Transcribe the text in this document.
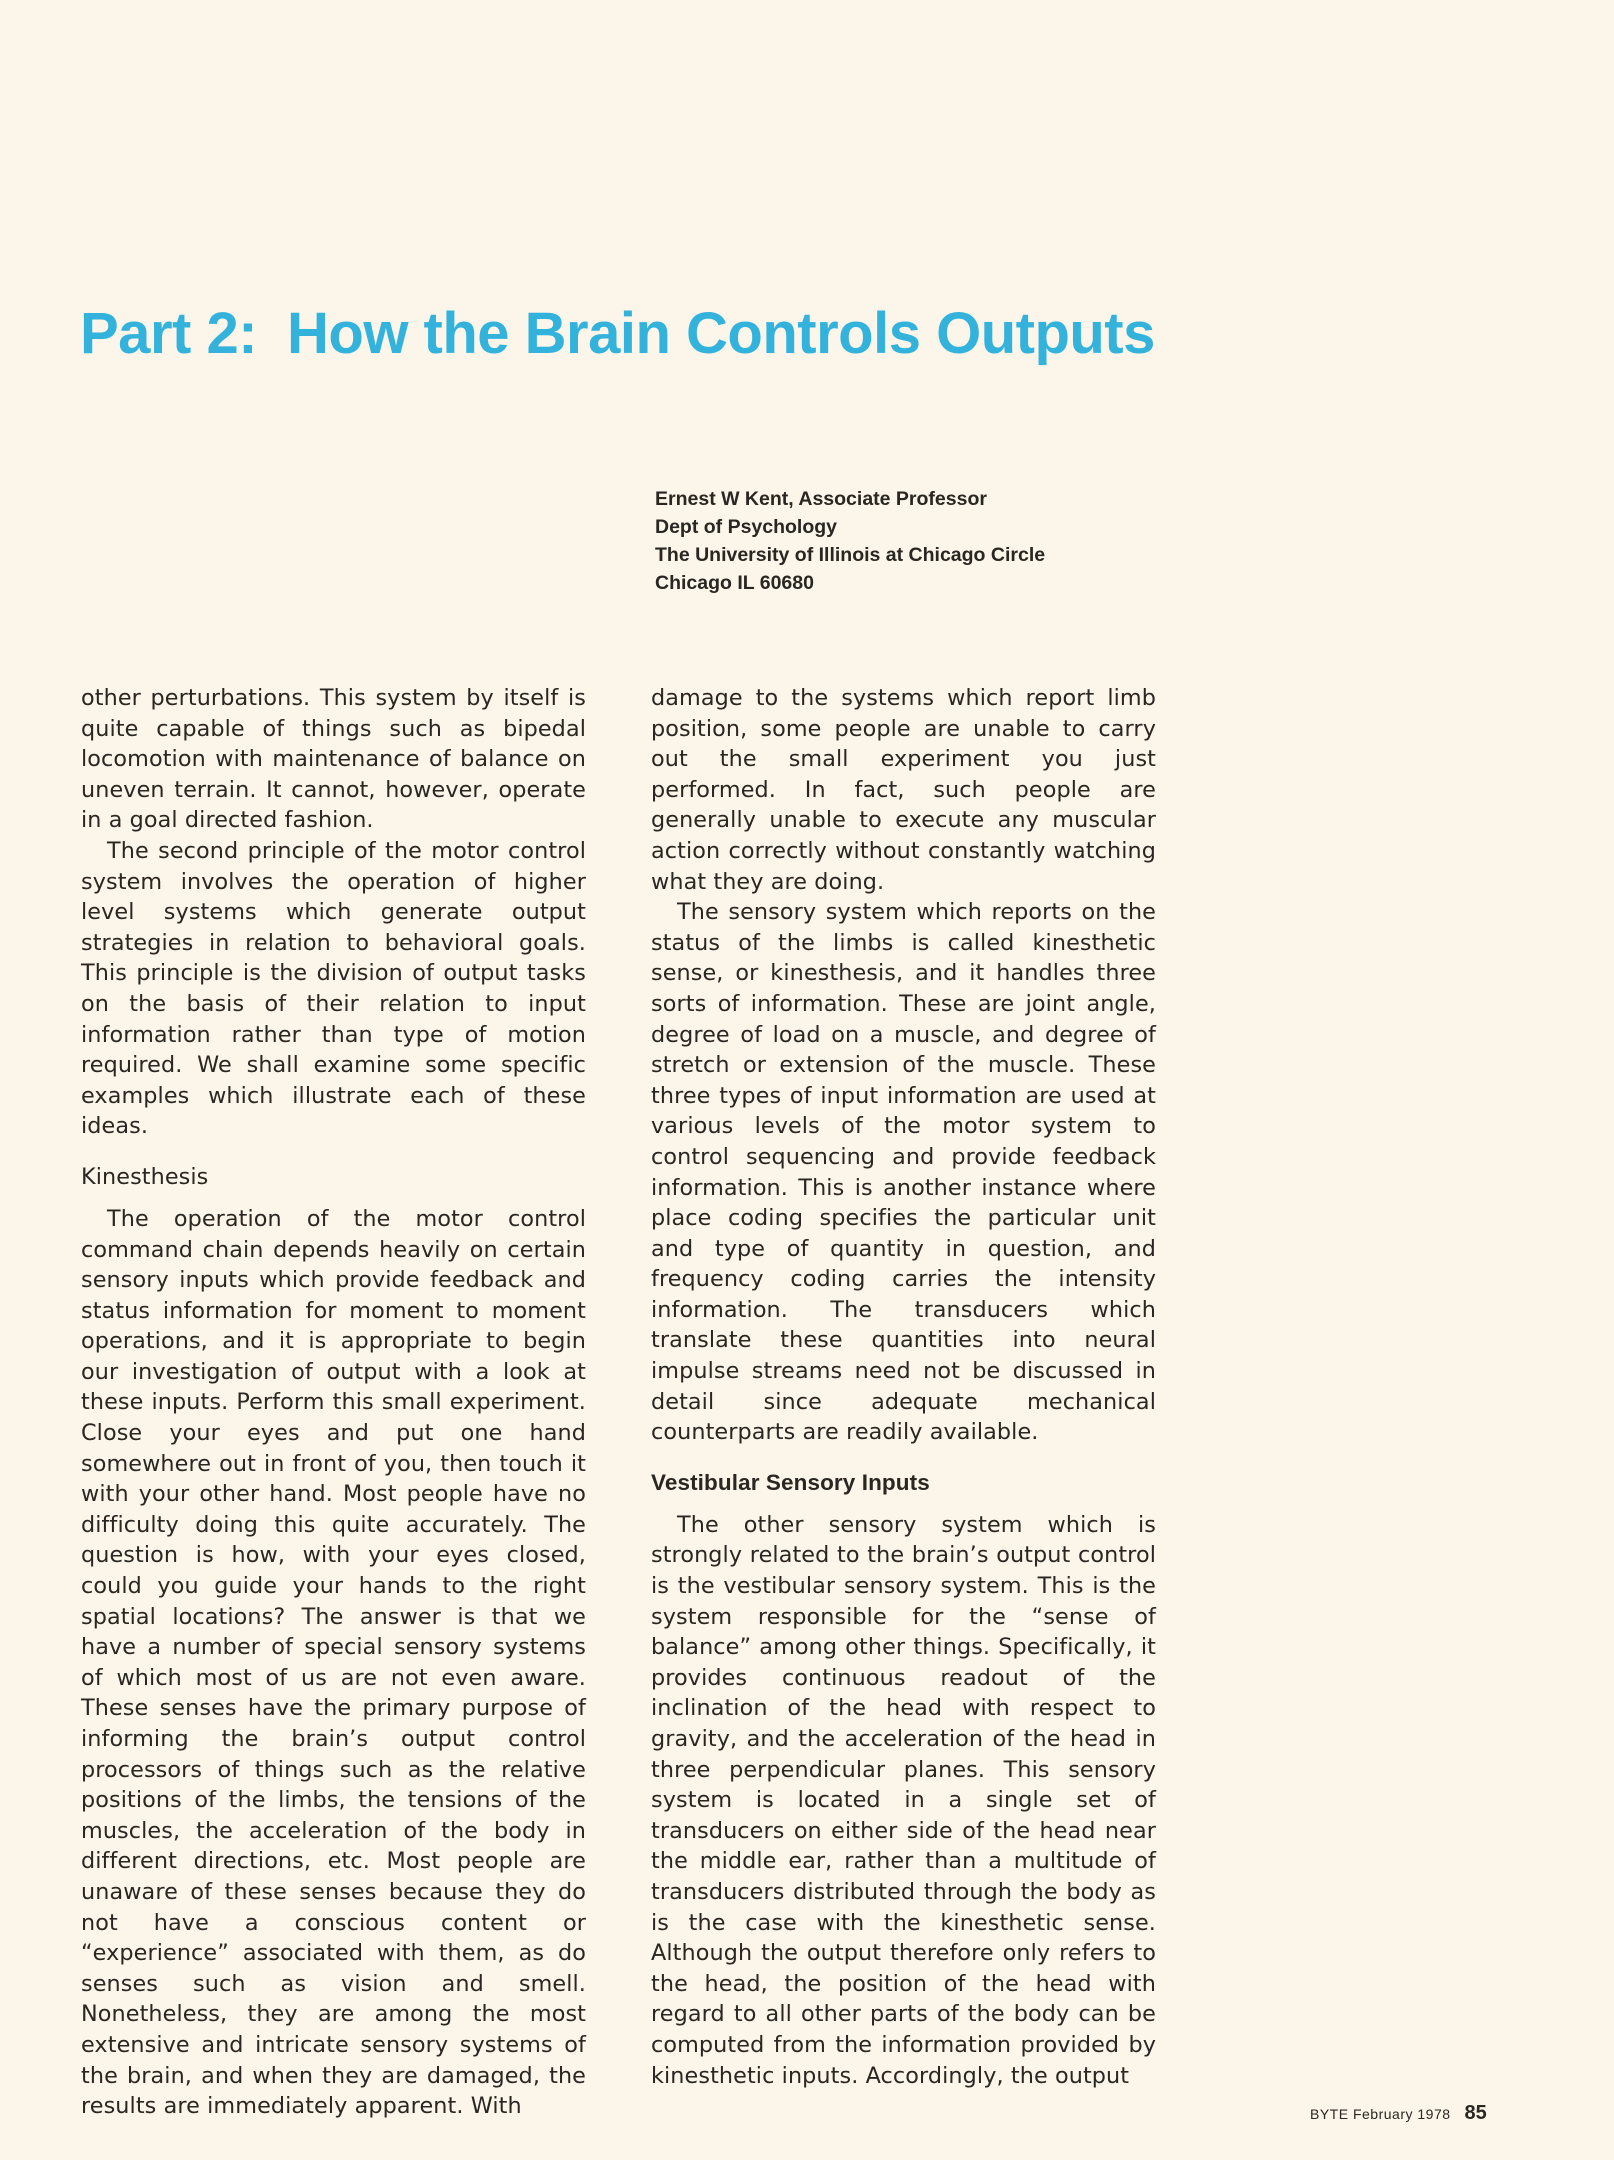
Part 2: How the Brain Controls Outputs
Ernest W Kent, Associate Professor
Dept of Psychology
The University of Illinois at Chicago Circle
Chicago IL 60680

other perturbations. This system by itself is quite capable of things such as bipedal locomotion with maintenance of balance on uneven terrain. It cannot, however, operate in a goal directed fashion.

The second principle of the motor control system involves the operation of higher level systems which generate output strategies in relation to behavioral goals. This principle is the division of output tasks on the basis of their relation to input information rather than type of motion required. We shall examine some specific examples which illustrate each of these ideas.

Kinesthesis

The operation of the motor control command chain depends heavily on certain sensory inputs which provide feedback and status information for moment to moment operations, and it is appropriate to begin our investigation of output with a look at these inputs. Perform this small experiment. Close your eyes and put one hand somewhere out in front of you, then touch it with your other hand. Most people have no difficulty doing this quite accurately. The question is how, with your eyes closed, could you guide your hands to the right spatial locations? The answer is that we have a number of special sensory systems of which most of us are not even aware. These senses have the primary purpose of informing the brain’s output control processors of things such as the relative positions of the limbs, the tensions of the muscles, the acceleration of the body in different directions, etc. Most people are unaware of these senses because they do not have a conscious content or “experience” associated with them, as do senses such as vision and smell. Nonetheless, they are among the most extensive and intricate sensory systems of the brain, and when they are damaged, the results are immediately apparent. With

damage to the systems which report limb position, some people are unable to carry out the small experiment you just performed. In fact, such people are generally unable to execute any muscular action correctly without constantly watching what they are doing.

The sensory system which reports on the status of the limbs is called kinesthetic sense, or kinesthesis, and it handles three sorts of information. These are joint angle, degree of load on a muscle, and degree of stretch or extension of the muscle. These three types of input information are used at various levels of the motor system to control sequencing and provide feedback information. This is another instance where place coding specifies the particular unit and type of quantity in question, and frequency coding carries the intensity information. The transducers which translate these quantities into neural impulse streams need not be discussed in detail since adequate mechanical counterparts are readily available.

Vestibular Sensory Inputs

The other sensory system which is strongly related to the brain’s output control is the vestibular sensory system. This is the system responsible for the “sense of balance” among other things. Specifically, it provides continuous readout of the inclination of the head with respect to gravity, and the acceleration of the head in three perpendicular planes. This sensory system is located in a single set of transducers on either side of the head near the middle ear, rather than a multitude of transducers distributed through the body as is the case with the kinesthetic sense. Although the output therefore only refers to the head, the position of the head with regard to all other parts of the body can be computed from the information provided by kinesthetic inputs. Accordingly, the output

BYTE February 1978 85
